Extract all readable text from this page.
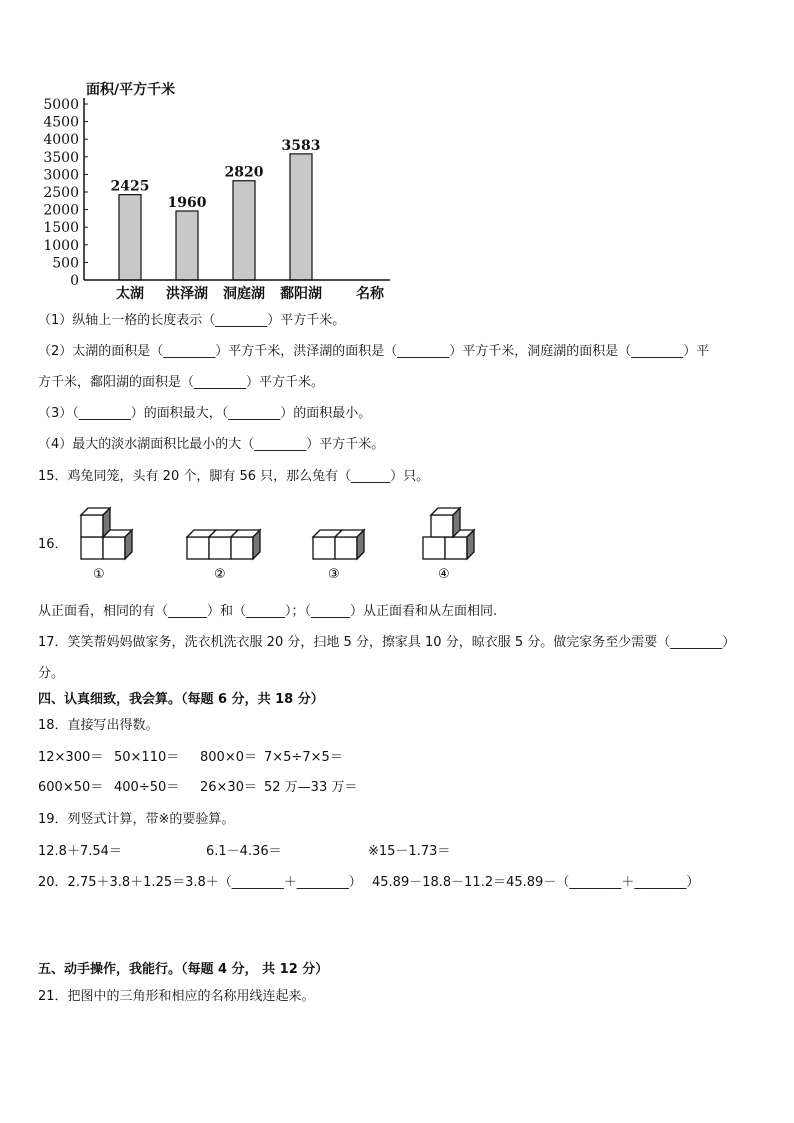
面积/平方千米
0
500
1000
1500
2000
2500
3000
3500
4000
4500
5000
2425
1960
2820
3583
太湖 洪泽湖 洞庭湖 鄱阳湖 名称
（1）纵轴上一格的长度表示（________）平方千米。
（2）太湖的面积是（________）平方千米，洪泽湖的面积是（________）平方千米，洞庭湖的面积是（________）平
方千米，鄱阳湖的面积是（________）平方千米。
（3）（________）的面积最大，（________）的面积最小。
（4）最大的淡水湖面积比最小的大（________）平方千米。
15．鸡兔同笼，头有 20 个，脚有 56 只，那么兔有（______）只。
16．
①	②	③	④
从正面看，相同的有（______）和（______）；（______）从正面看和从左面相同.
17．笑笑帮妈妈做家务，洗衣机洗衣服 20 分，扫地 5 分，擦家具 10 分，晾衣服 5 分。做完家务至少需要（________）
分。
四、认真细致，我会算。（每题 6 分，共 18 分）
18．直接写出得数。
12×300＝ 50×110＝ 800×0＝ 7×5÷7×5＝
600×50＝ 400÷50＝ 26×30＝ 52 万—33 万＝
19．列竖式计算，带※的要验算。
12.8＋7.54＝	6.1－4.36＝	※15－1.73＝
20．2.75＋3.8＋1.25＝3.8＋（________＋________） 45.89－18.8－11.2＝45.89－（________＋________）
五、动手操作，我能行。（每题 4 分， 共 12 分）
21．把图中的三角形和相应的名称用线连起来。
